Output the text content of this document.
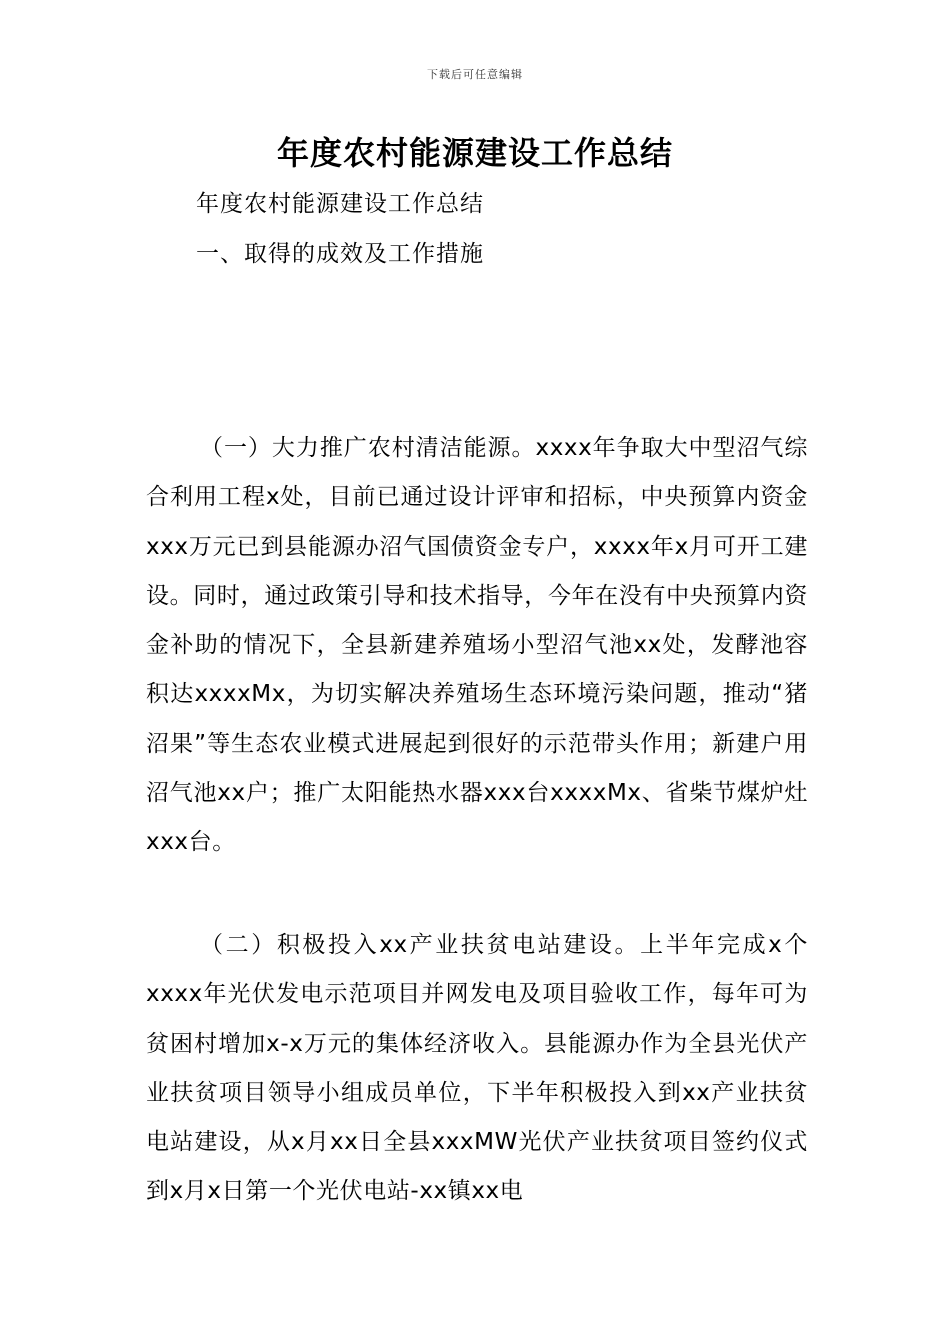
下载后可任意编辑
年度农村能源建设工作总结
年度农村能源建设工作总结
一、取得的成效及工作措施

（一）大力推广农村清洁能源。xxxx年争取大中型沼气综合利用工程x处，目前已通过设计评审和招标，中央预算内资金xxx万元已到县能源办沼气国债资金专户，xxxx年x月可开工建设。同时，通过政策引导和技术指导，今年在没有中央预算内资金补助的情况下，全县新建养殖场小型沼气池xx处，发酵池容积达xxxxMx，为切实解决养殖场生态环境污染问题，推动“猪沼果”等生态农业模式进展起到很好的示范带头作用；新建户用沼气池xx户；推广太阳能热水器xxx台xxxxMx、省柴节煤炉灶xxx台。

（二）积极投入xx产业扶贫电站建设。上半年完成x个xxxx年光伏发电示范项目并网发电及项目验收工作，每年可为贫困村增加x-x万元的集体经济收入。县能源办作为全县光伏产业扶贫项目领导小组成员单位，下半年积极投入到xx产业扶贫电站建设，从x月xx日全县xxxMW光伏产业扶贫项目签约仪式到x月x日第一个光伏电站-xx镇xx电
